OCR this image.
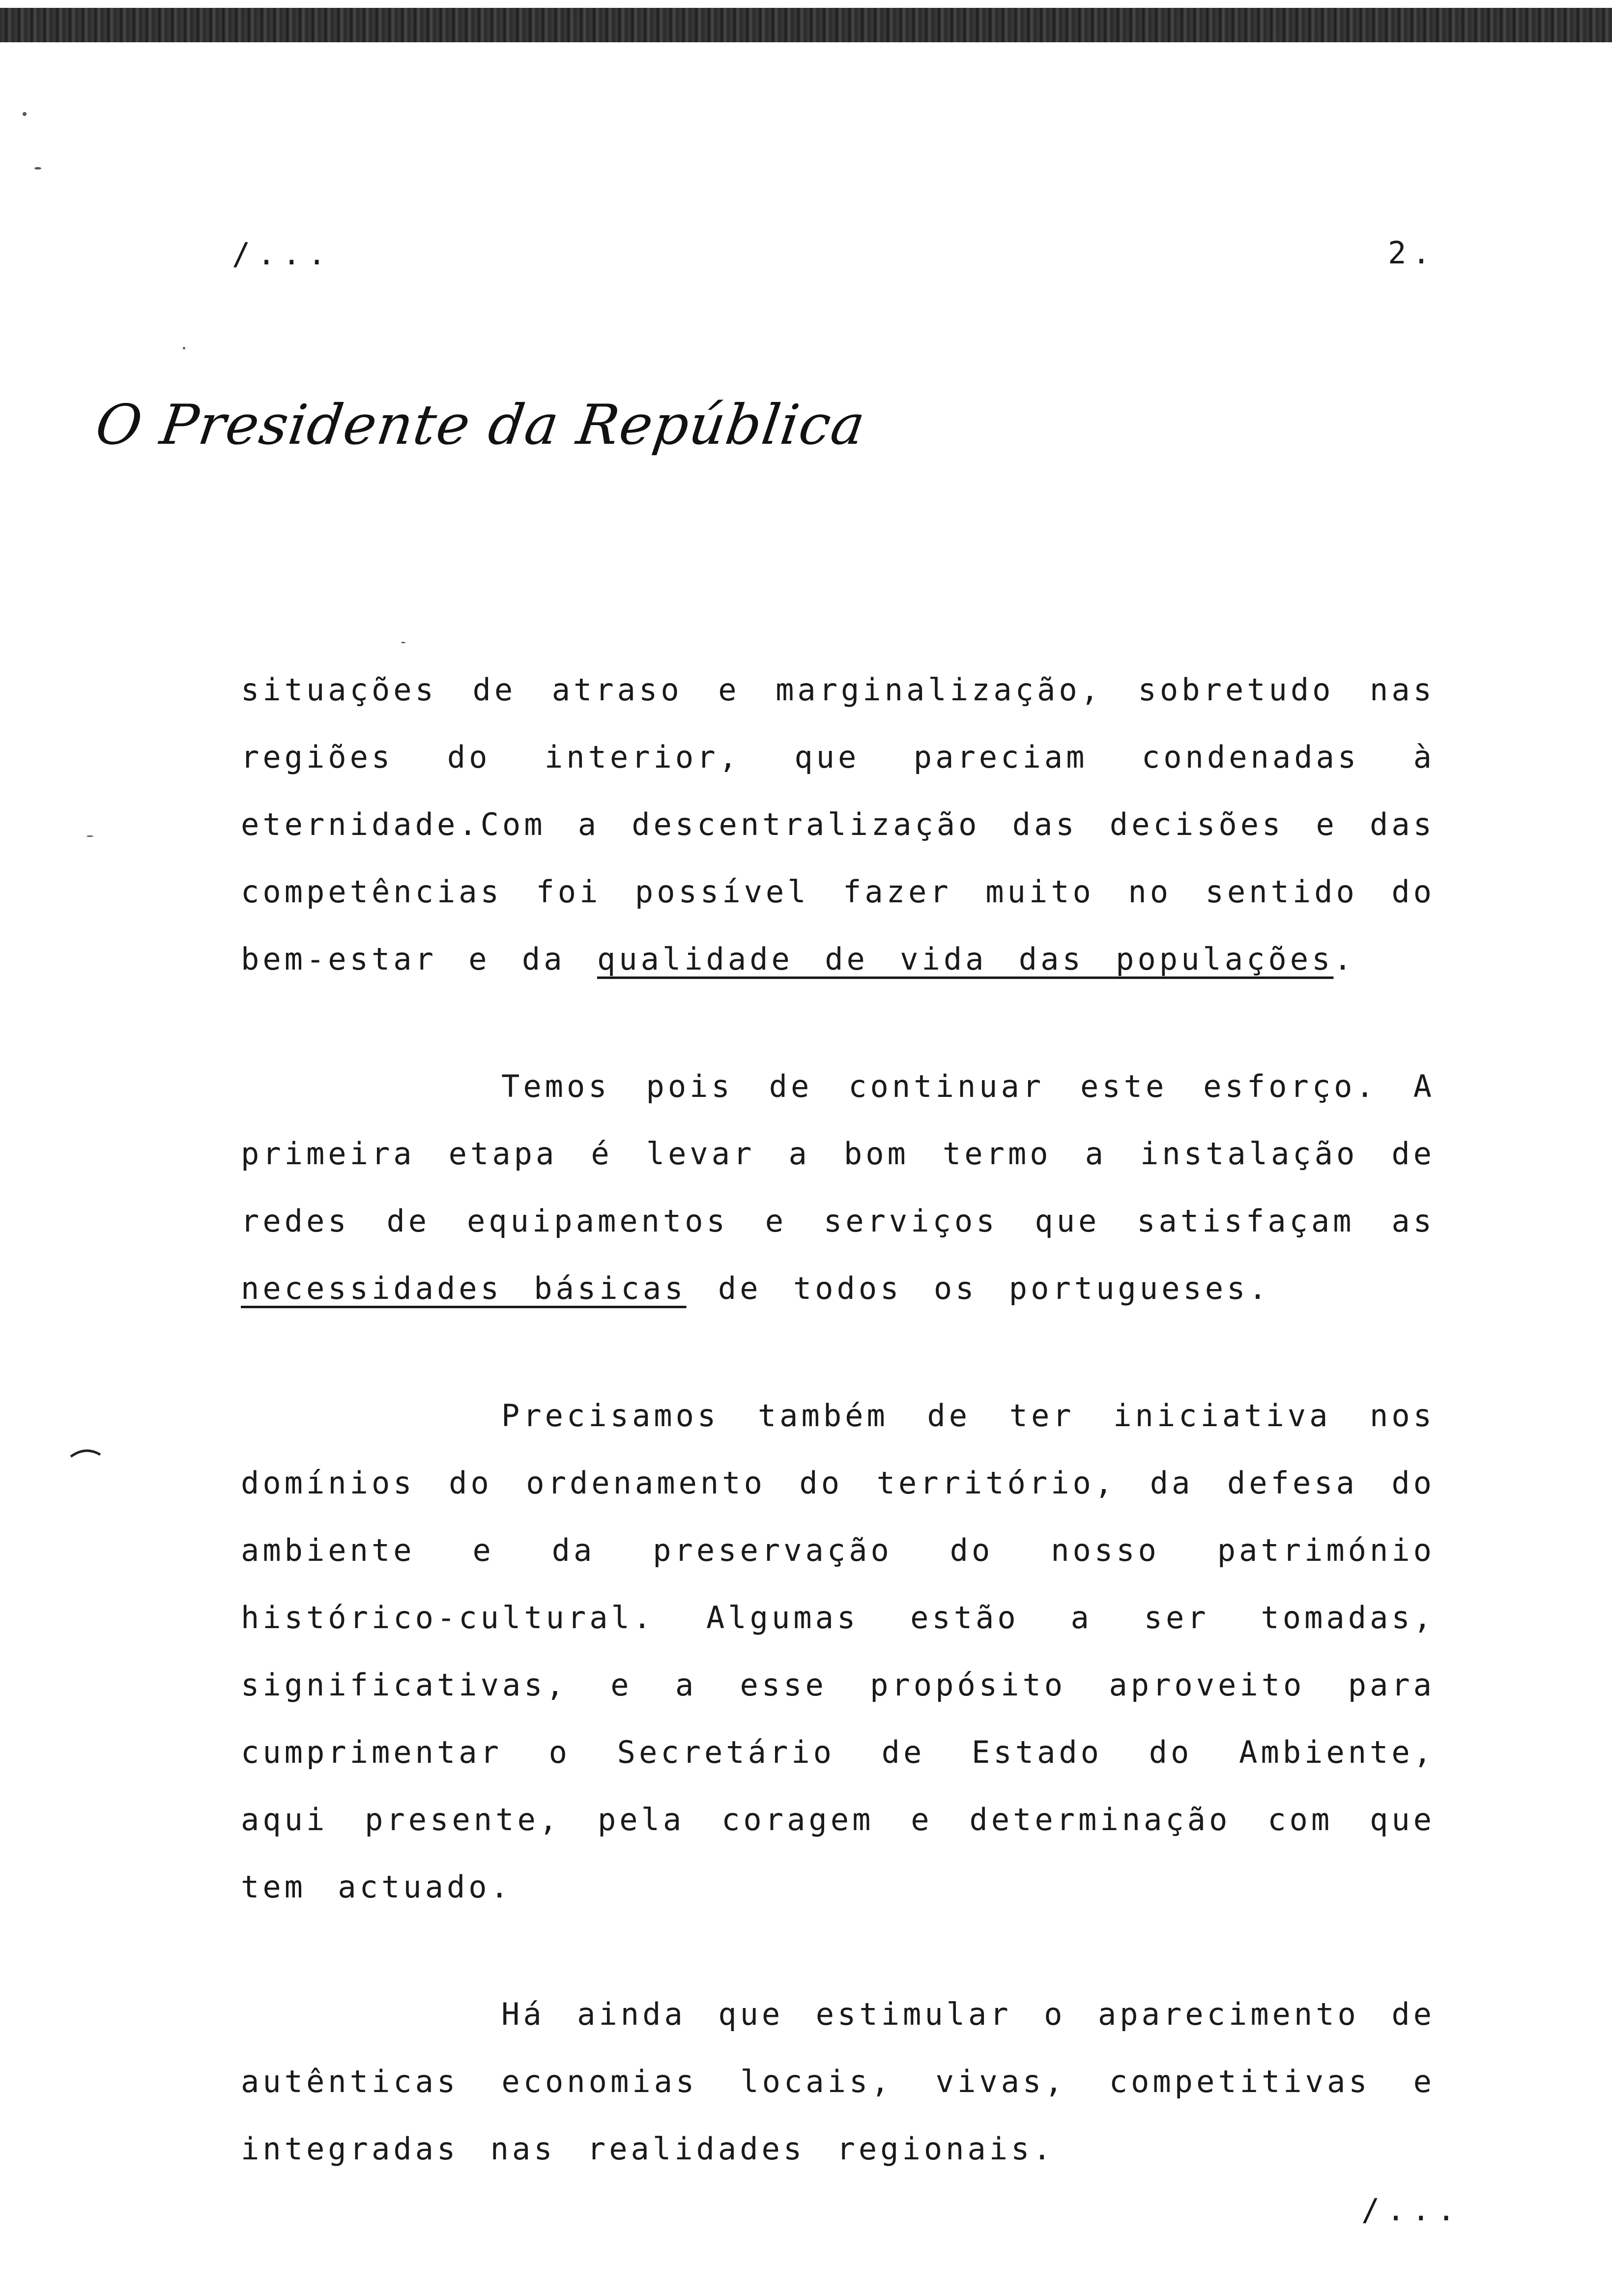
/...	2.
O Presidente da República

situações de atraso e marginalização, sobretudo nas regiões do interior, que pareciam condenadas à eternidade.Com a descentralização das decisões e das competências foi possível fazer muito no sentido do bem-estar e da qualidade de vida das populações.

Temos pois de continuar este esforço. A primeira etapa é levar a bom termo a instalação de redes de equipamentos e serviços que satisfaçam as necessidades básicas de todos os portugueses.

Precisamos também de ter iniciativa nos domínios do ordenamento do território, da defesa do ambiente e da preservação do nosso património histórico-cultural. Algumas estão a ser tomadas, significativas, e a esse propósito aproveito para cumprimentar o Secretário de Estado do Ambiente, aqui presente, pela coragem e determinação com que tem actuado.

Há ainda que estimular o aparecimento de autênticas economias locais, vivas, competitivas e integradas nas realidades regionais.

/...
